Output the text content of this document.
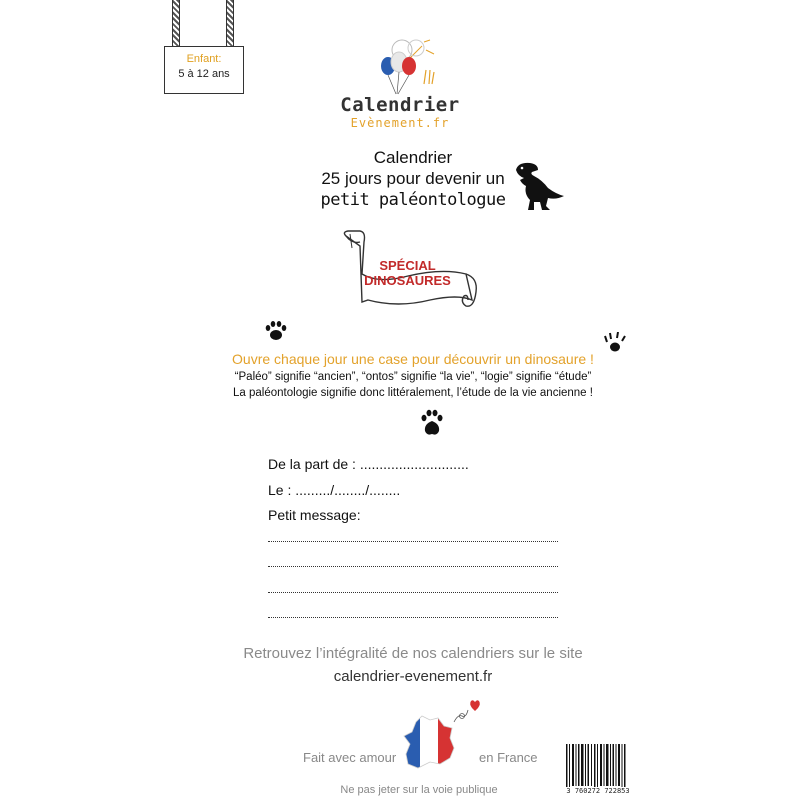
Enfant:
5 à 12 ans
Calendrier
Evènement.fr
Calendrier
25 jours pour devenir un
petit paléontologue
SPÉCIAL DINOSAURES
Ouvre chaque jour une case pour découvrir un dinosaure !
“Paléo” signifie “ancien”, “ontos” signifie “la vie”, “logie” signifie “étude”
La paléontologie signifie donc littéralement, l’étude de la vie ancienne !
De la part de : ............................
Le : ........./......../........
Petit message:
Retrouvez l’intégralité de nos calendriers sur le site
calendrier-evenement.fr
Fait avec amour	en France
Ne pas jeter sur la voie publique	3 760272 722853
